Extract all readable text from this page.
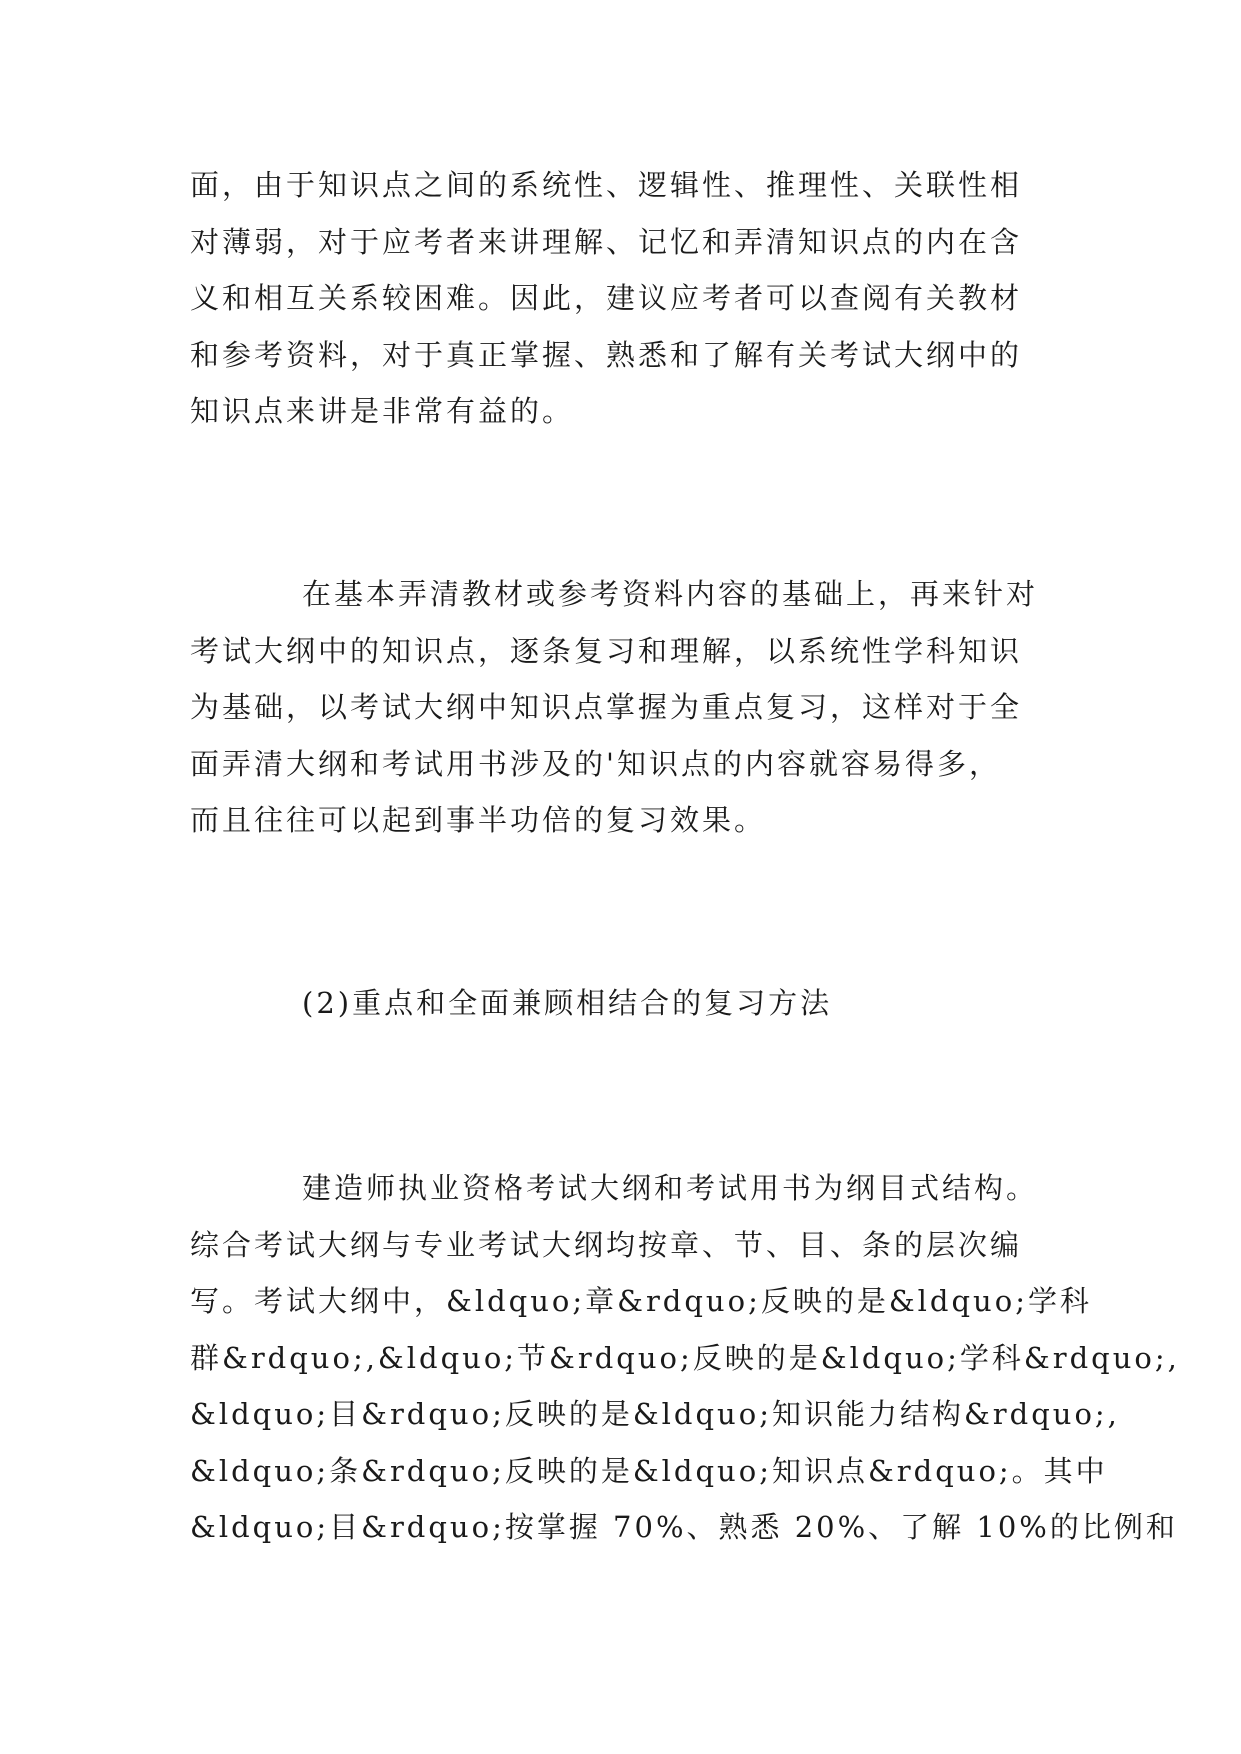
面，由于知识点之间的系统性、逻辑性、推理性、关联性相
对薄弱，对于应考者来讲理解、记忆和弄清知识点的内在含
义和相互关系较困难。因此，建议应考者可以查阅有关教材
和参考资料，对于真正掌握、熟悉和了解有关考试大纲中的
知识点来讲是非常有益的。
在基本弄清教材或参考资料内容的基础上，再来针对
考试大纲中的知识点，逐条复习和理解，以系统性学科知识
为基础，以考试大纲中知识点掌握为重点复习，这样对于全
面弄清大纲和考试用书涉及的'知识点的内容就容易得多，
而且往往可以起到事半功倍的复习效果。
(2)重点和全面兼顾相结合的复习方法
建造师执业资格考试大纲和考试用书为纲目式结构。
综合考试大纲与专业考试大纲均按章、节、目、条的层次编
写。考试大纲中，&ldquo;章&rdquo;反映的是&ldquo;学科
群&rdquo;,&ldquo;节&rdquo;反映的是&ldquo;学科&rdquo;,
&ldquo;目&rdquo;反映的是&ldquo;知识能力结构&rdquo;,
&ldquo;条&rdquo;反映的是&ldquo;知识点&rdquo;。其中
&ldquo;目&rdquo;按掌握 70%、熟悉 20%、了解 10%的比例和
